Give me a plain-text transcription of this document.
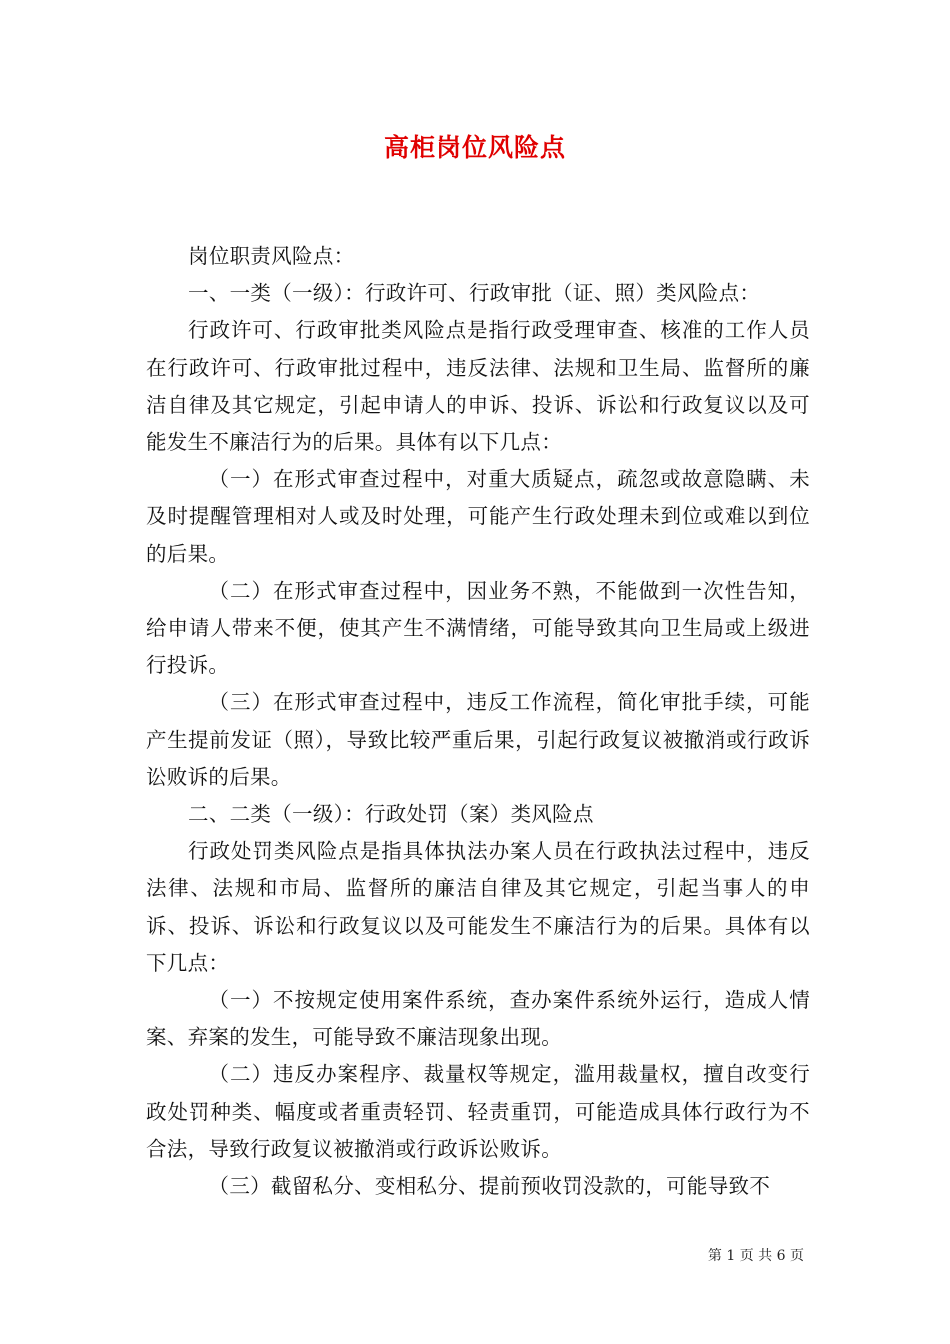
高柜岗位风险点

岗位职责风险点：

一、一类（一级）：行政许可、行政审批（证、照）类风险点：

行政许可、行政审批类风险点是指行政受理审查、核准的工作人员在行政许可、行政审批过程中，违反法律、法规和卫生局、监督所的廉洁自律及其它规定，引起申请人的申诉、投诉、诉讼和行政复议以及可能发生不廉洁行为的后果。具体有以下几点：

（一）在形式审查过程中，对重大质疑点，疏忽或故意隐瞒、未及时提醒管理相对人或及时处理，可能产生行政处理未到位或难以到位的后果。

（二）在形式审查过程中，因业务不熟，不能做到一次性告知，给申请人带来不便，使其产生不满情绪，可能导致其向卫生局或上级进行投诉。

（三）在形式审查过程中，违反工作流程，简化审批手续，可能产生提前发证（照），导致比较严重后果，引起行政复议被撤消或行政诉讼败诉的后果。

二、二类（一级）：行政处罚（案）类风险点

行政处罚类风险点是指具体执法办案人员在行政执法过程中，违反法律、法规和市局、监督所的廉洁自律及其它规定，引起当事人的申诉、投诉、诉讼和行政复议以及可能发生不廉洁行为的后果。具体有以下几点：

（一）不按规定使用案件系统，查办案件系统外运行，造成人情案、弃案的发生，可能导致不廉洁现象出现。

（二）违反办案程序、裁量权等规定，滥用裁量权，擅自改变行政处罚种类、幅度或者重责轻罚、轻责重罚，可能造成具体行政行为不合法，导致行政复议被撤消或行政诉讼败诉。

（三）截留私分、变相私分、提前预收罚没款的，可能导致不

第 1 页 共 6 页
